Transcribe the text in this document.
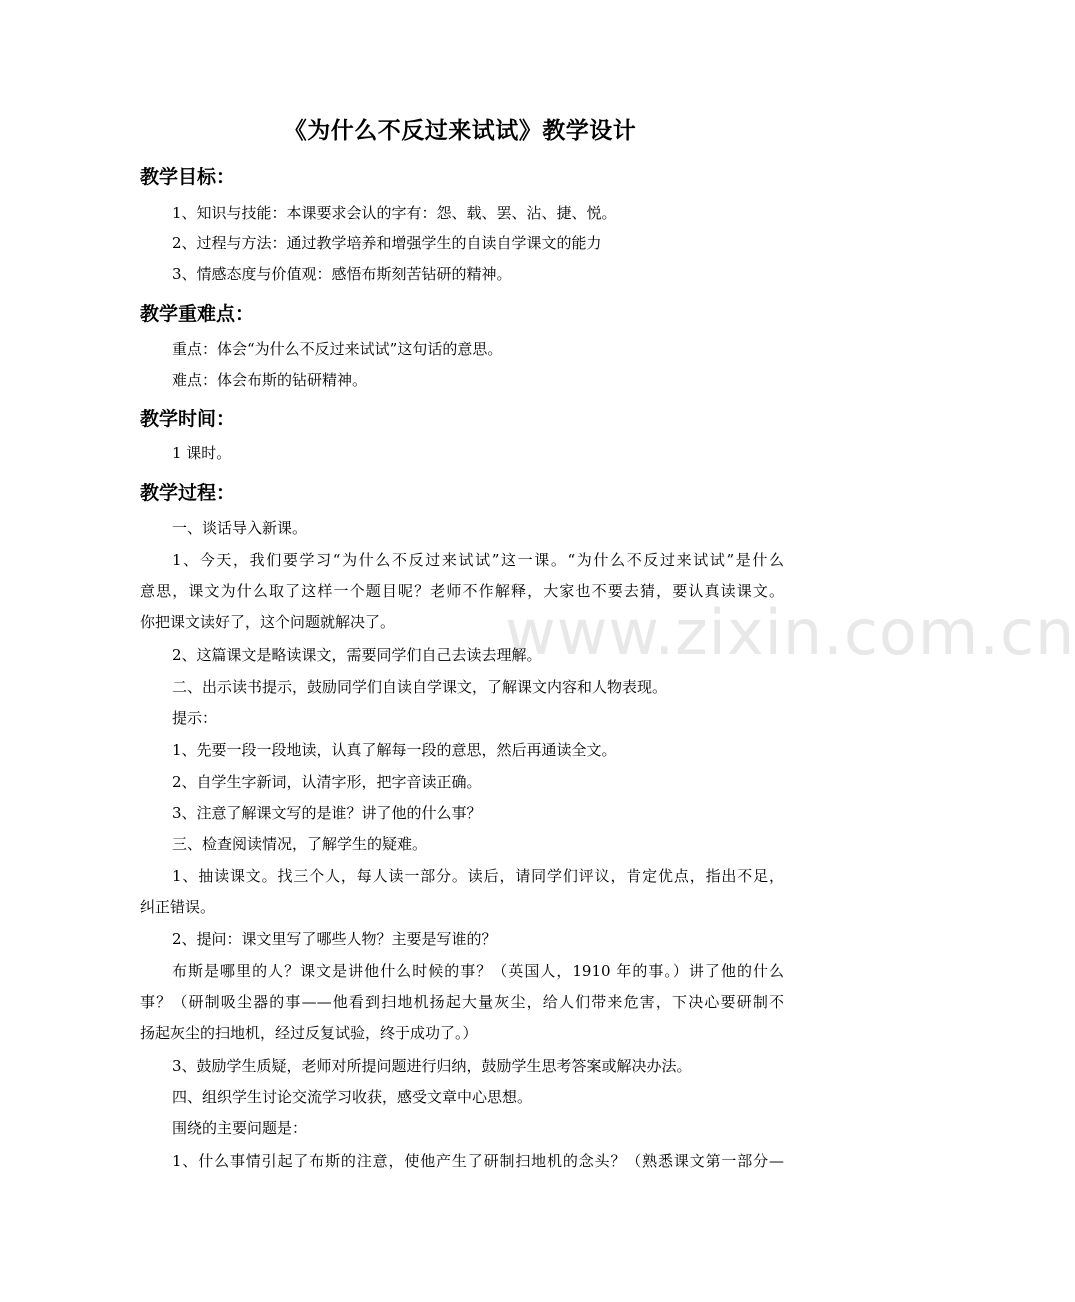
www.zixin.com.cn
《为什么不反过来试试》教学设计
教学目标：

1、知识与技能：本课要求会认的字有：怨、载、罢、沾、捷、悦。

2、过程与方法：通过教学培养和增强学生的自读自学课文的能力

3、情感态度与价值观：感悟布斯刻苦钻研的精神。

教学重难点：

重点：体会“为什么不反过来试试”这句话的意思。

难点：体会布斯的钻研精神。

教学时间：

1 课时。

教学过程：

一、谈话导入新课。

1、今天，我们要学习“为什么不反过来试试”这一课。“为什么不反过来试试”是什么

意思，课文为什么取了这样一个题目呢？老师不作解释，大家也不要去猜，要认真读课文。

你把课文读好了，这个问题就解决了。

2、这篇课文是略读课文，需要同学们自己去读去理解。

二、出示读书提示，鼓励同学们自读自学课文，了解课文内容和人物表现。

提示：

1、先要一段一段地读，认真了解每一段的意思，然后再通读全文。

2、自学生字新词，认清字形，把字音读正确。

3、注意了解课文写的是谁？讲了他的什么事？

三、检查阅读情况，了解学生的疑难。

1、抽读课文。找三个人，每人读一部分。读后，请同学们评议，肯定优点，指出不足，

纠正错误。

2、提问：课文里写了哪些人物？主要是写谁的？

布斯是哪里的人？课文是讲他什么时候的事？（英国人，1910 年的事。）讲了他的什么

事？（研制吸尘器的事——他看到扫地机扬起大量灰尘，给人们带来危害，下决心要研制不

扬起灰尘的扫地机，经过反复试验，终于成功了。）

3、鼓励学生质疑，老师对所提问题进行归纳，鼓励学生思考答案或解决办法。

四、组织学生讨论交流学习收获，感受文章中心思想。

围绕的主要问题是：

1、什么事情引起了布斯的注意，使他产生了研制扫地机的念头？（熟悉课文第一部分—
